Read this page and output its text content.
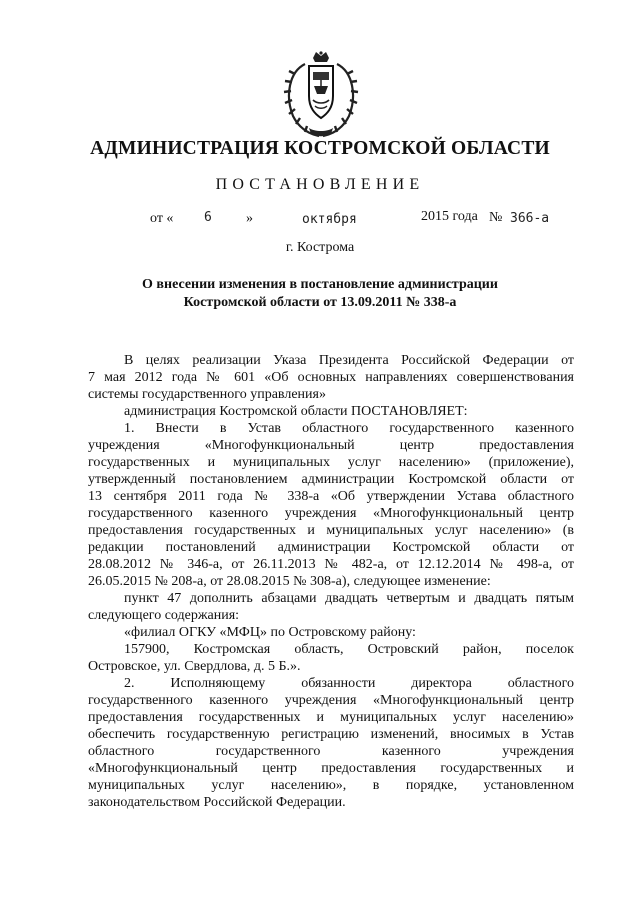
АДМИНИСТРАЦИЯ КОСТРОМСКОЙ ОБЛАСТИ
ПОСТАНОВЛЕНИЕ
от « 6 »	октября	2015 года № 366-а
г. Кострома
О внесении изменения в постановление администрации
Костромской области от 13.09.2011 № 338-а
В целях реализации Указа Президента Российской Федерации от
7 мая 2012 года № 601 «Об основных направлениях совершенствования
системы государственного управления»
администрация Костромской области ПОСТАНОВЛЯЕТ:
1. Внести в Устав областного государственного казенного
учреждения «Многофункциональный центр предоставления
государственных и муниципальных услуг населению» (приложение),
утвержденный постановлением администрации Костромской области от
13 сентября 2011 года № 338-а «Об утверждении Устава областного
государственного казенного учреждения «Многофункциональный центр
предоставления государственных и муниципальных услуг населению» (в
редакции постановлений администрации Костромской области от
28.08.2012 № 346-а, от 26.11.2013 № 482-а, от 12.12.2014 № 498-а, от
26.05.2015 № 208-а, от 28.08.2015 № 308-а), следующее изменение:
пункт 47 дополнить абзацами двадцать четвертым и двадцать пятым
следующего содержания:
«филиал ОГКУ «МФЦ» по Островскому району:
157900, Костромская область, Островский район, поселок
Островское, ул. Свердлова, д. 5 Б.».
2. Исполняющему обязанности директора областного
государственного казенного учреждения «Многофункциональный центр
предоставления государственных и муниципальных услуг населению»
обеспечить государственную регистрацию изменений, вносимых в Устав
областного государственного казенного учреждения
«Многофункциональный центр предоставления государственных и
муниципальных услуг населению», в порядке, установленном
законодательством Российской Федерации.
